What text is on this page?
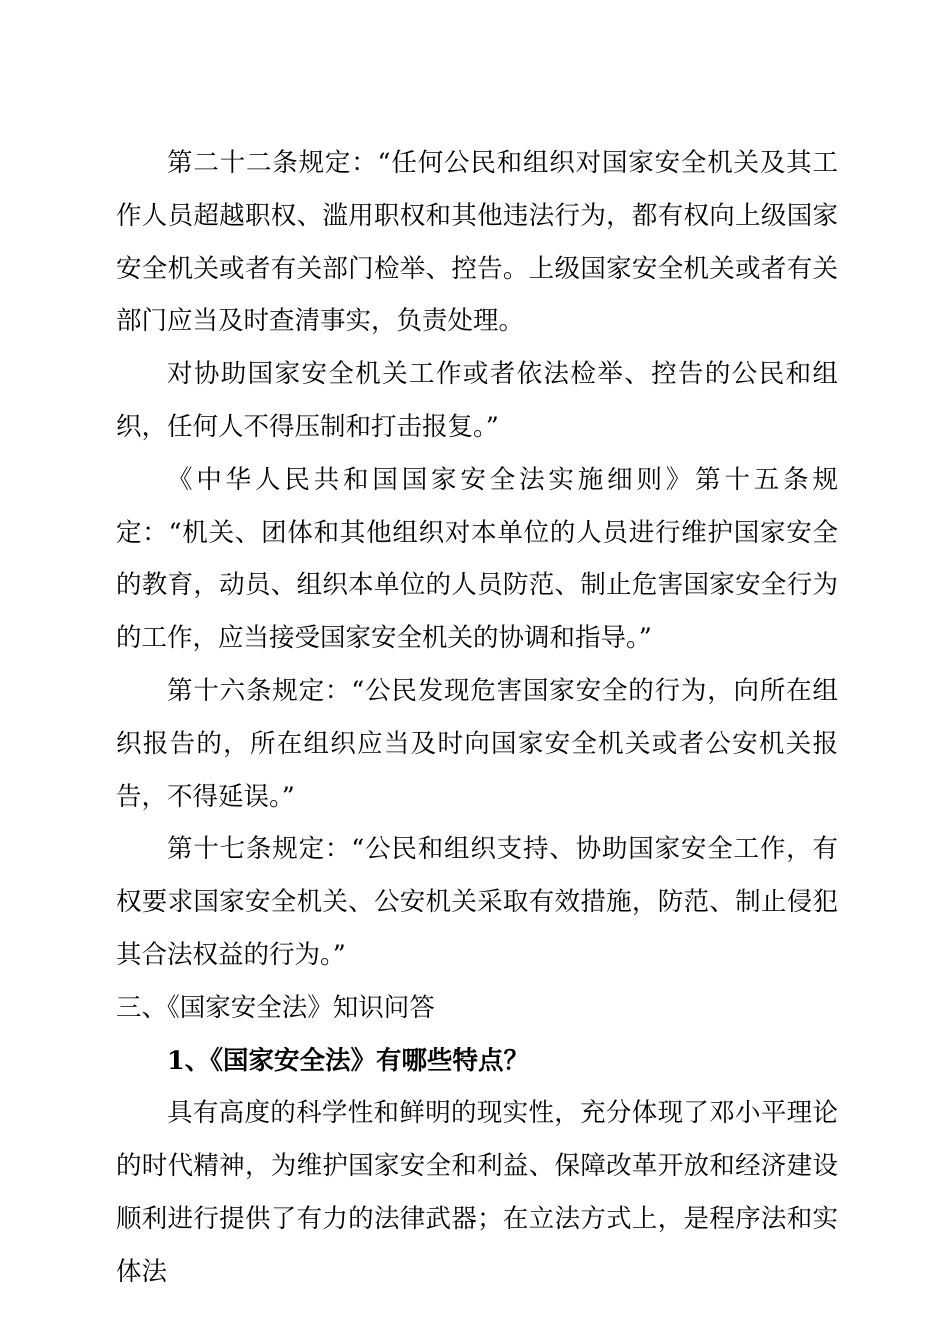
第二十二条规定：“任何公民和组织对国家安全机关及其工作人员超越职权、滥用职权和其他违法行为，都有权向上级国家安全机关或者有关部门检举、控告。上级国家安全机关或者有关部门应当及时查清事实，负责处理。

对协助国家安全机关工作或者依法检举、控告的公民和组织，任何人不得压制和打击报复。”

《中华人民共和国国家安全法实施细则》第十五条规定：“机关、团体和其他组织对本单位的人员进行维护国家安全的教育，动员、组织本单位的人员防范、制止危害国家安全行为的工作，应当接受国家安全机关的协调和指导。”

第十六条规定：“公民发现危害国家安全的行为，向所在组织报告的，所在组织应当及时向国家安全机关或者公安机关报告，不得延误。”

第十七条规定：“公民和组织支持、协助国家安全工作，有权要求国家安全机关、公安机关采取有效措施，防范、制止侵犯其合法权益的行为。”

三、《国家安全法》知识问答

1、《国家安全法》有哪些特点？

具有高度的科学性和鲜明的现实性，充分体现了邓小平理论的时代精神，为维护国家安全和利益、保障改革开放和经济建设顺利进行提供了有力的法律武器；在立法方式上，是程序法和实体法
